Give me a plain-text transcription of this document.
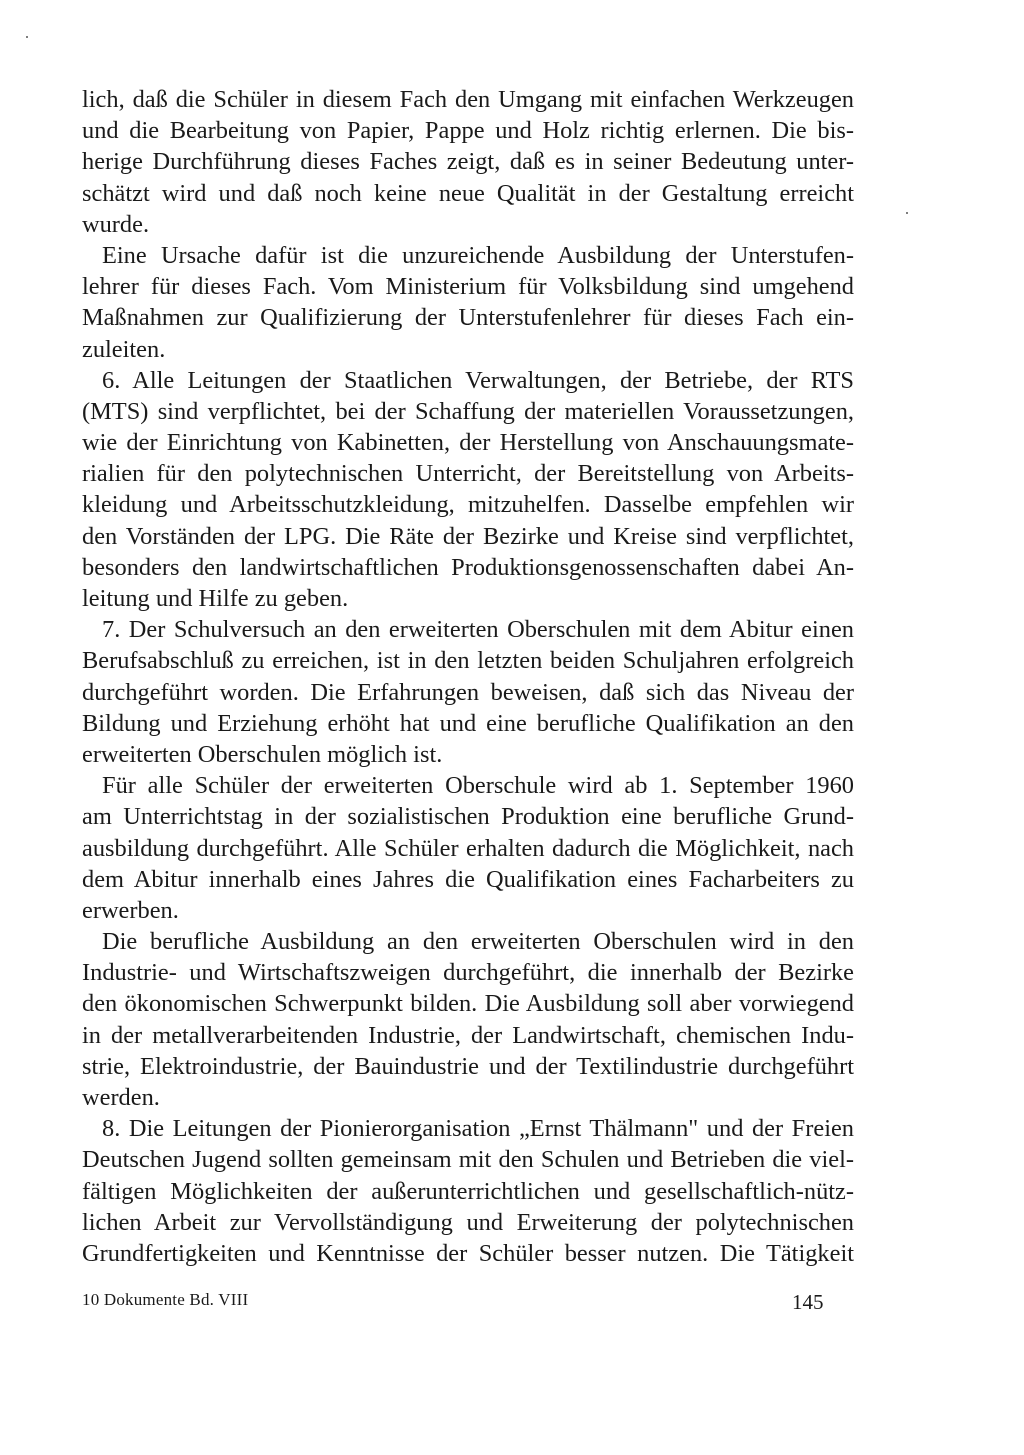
lich, daß die Schüler in diesem Fach den Umgang mit einfachen Werkzeugen
und die Bearbeitung von Papier, Pappe und Holz richtig erlernen. Die bis-
herige Durchführung dieses Faches zeigt, daß es in seiner Bedeutung unter-
schätzt wird und daß noch keine neue Qualität in der Gestaltung erreicht
wurde.
Eine Ursache dafür ist die unzureichende Ausbildung der Unterstufen-
lehrer für dieses Fach. Vom Ministerium für Volksbildung sind umgehend
Maßnahmen zur Qualifizierung der Unterstufenlehrer für dieses Fach ein-
zuleiten.
6. Alle Leitungen der Staatlichen Verwaltungen, der Betriebe, der RTS
(MTS) sind verpflichtet, bei der Schaffung der materiellen Voraussetzungen,
wie der Einrichtung von Kabinetten, der Herstellung von Anschauungsmate-
rialien für den polytechnischen Unterricht, der Bereitstellung von Arbeits-
kleidung und Arbeitsschutzkleidung, mitzuhelfen. Dasselbe empfehlen wir
den Vorständen der LPG. Die Räte der Bezirke und Kreise sind verpflichtet,
besonders den landwirtschaftlichen Produktionsgenossenschaften dabei An-
leitung und Hilfe zu geben.
7. Der Schulversuch an den erweiterten Oberschulen mit dem Abitur einen
Berufsabschluß zu erreichen, ist in den letzten beiden Schuljahren erfolgreich
durchgeführt worden. Die Erfahrungen beweisen, daß sich das Niveau der
Bildung und Erziehung erhöht hat und eine berufliche Qualifikation an den
erweiterten Oberschulen möglich ist.
Für alle Schüler der erweiterten Oberschule wird ab 1. September 1960
am Unterrichtstag in der sozialistischen Produktion eine berufliche Grund-
ausbildung durchgeführt. Alle Schüler erhalten dadurch die Möglichkeit, nach
dem Abitur innerhalb eines Jahres die Qualifikation eines Facharbeiters zu
erwerben.
Die berufliche Ausbildung an den erweiterten Oberschulen wird in den
Industrie- und Wirtschaftszweigen durchgeführt, die innerhalb der Bezirke
den ökonomischen Schwerpunkt bilden. Die Ausbildung soll aber vorwiegend
in der metallverarbeitenden Industrie, der Landwirtschaft, chemischen Indu-
strie, Elektroindustrie, der Bauindustrie und der Textilindustrie durchgeführt
werden.
8. Die Leitungen der Pionierorganisation „Ernst Thälmann" und der Freien
Deutschen Jugend sollten gemeinsam mit den Schulen und Betrieben die viel-
fältigen Möglichkeiten der außerunterrichtlichen und gesellschaftlich-nütz-
lichen Arbeit zur Vervollständigung und Erweiterung der polytechnischen
Grundfertigkeiten und Kenntnisse der Schüler besser nutzen. Die Tätigkeit
10 Dokumente Bd. VIII	145
